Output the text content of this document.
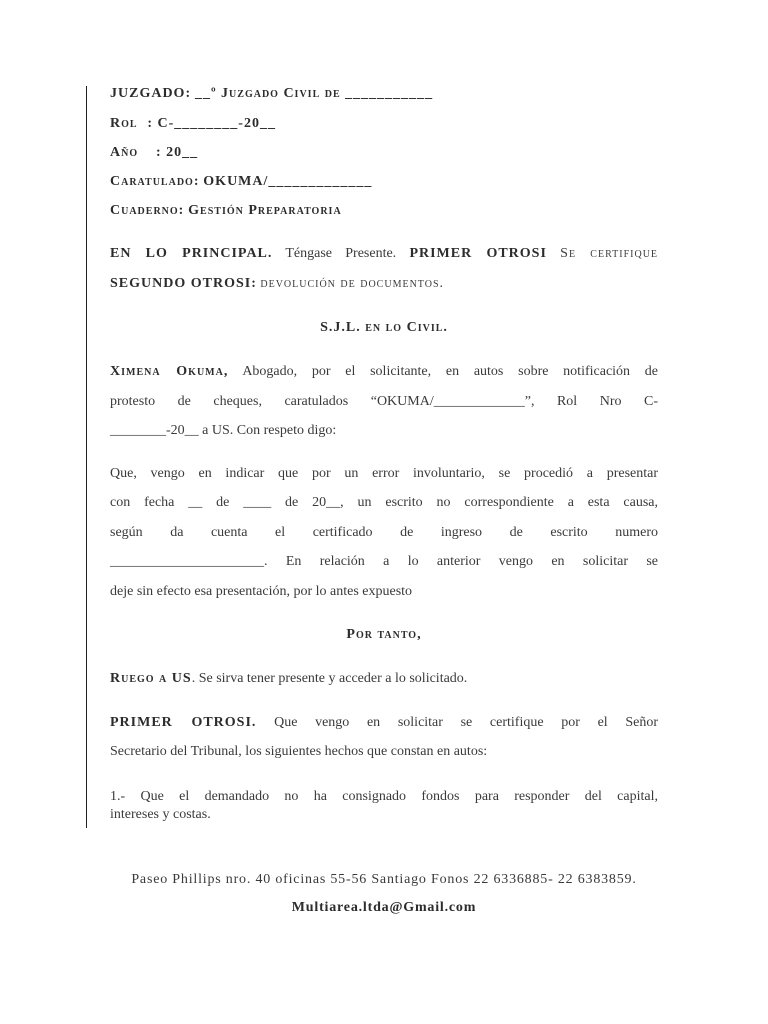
JUZGADO: __º Juzgado Civil de ___________
Rol : C-________-20__
Año : 20__
Caratulado: OKUMA/_____________
Cuaderno: Gestión Preparatoria
EN LO PRINCIPAL. Téngase Presente. PRIMER OTROSI Se certifique
SEGUNDO OTROSI: devolución de documentos.
S.J.L. en lo Civil.
Ximena Okuma, Abogado, por el solicitante, en autos sobre notificación de
protesto de cheques, caratulados “OKUMA/_____________”, Rol Nro C-
________-20__ a US. Con respeto digo:
Que, vengo en indicar que por un error involuntario, se procedió a presentar
con fecha __ de ____ de 20__, un escrito no correspondiente a esta causa,
según da cuenta el certificado de ingreso de escrito numero
______________________. En relación a lo anterior vengo en solicitar se
deje sin efecto esa presentación, por lo antes expuesto
Por tanto,
Ruego a US. Se sirva tener presente y acceder a lo solicitado.
PRIMER OTROSI. Que vengo en solicitar se certifique por el Señor
Secretario del Tribunal, los siguientes hechos que constan en autos:
1.- Que el demandado no ha consignado fondos para responder del capital,
intereses y costas.
Paseo Phillips nro. 40 oficinas 55-56 Santiago Fonos 22 6336885- 22 6383859.
Multiarea.ltda@Gmail.com
